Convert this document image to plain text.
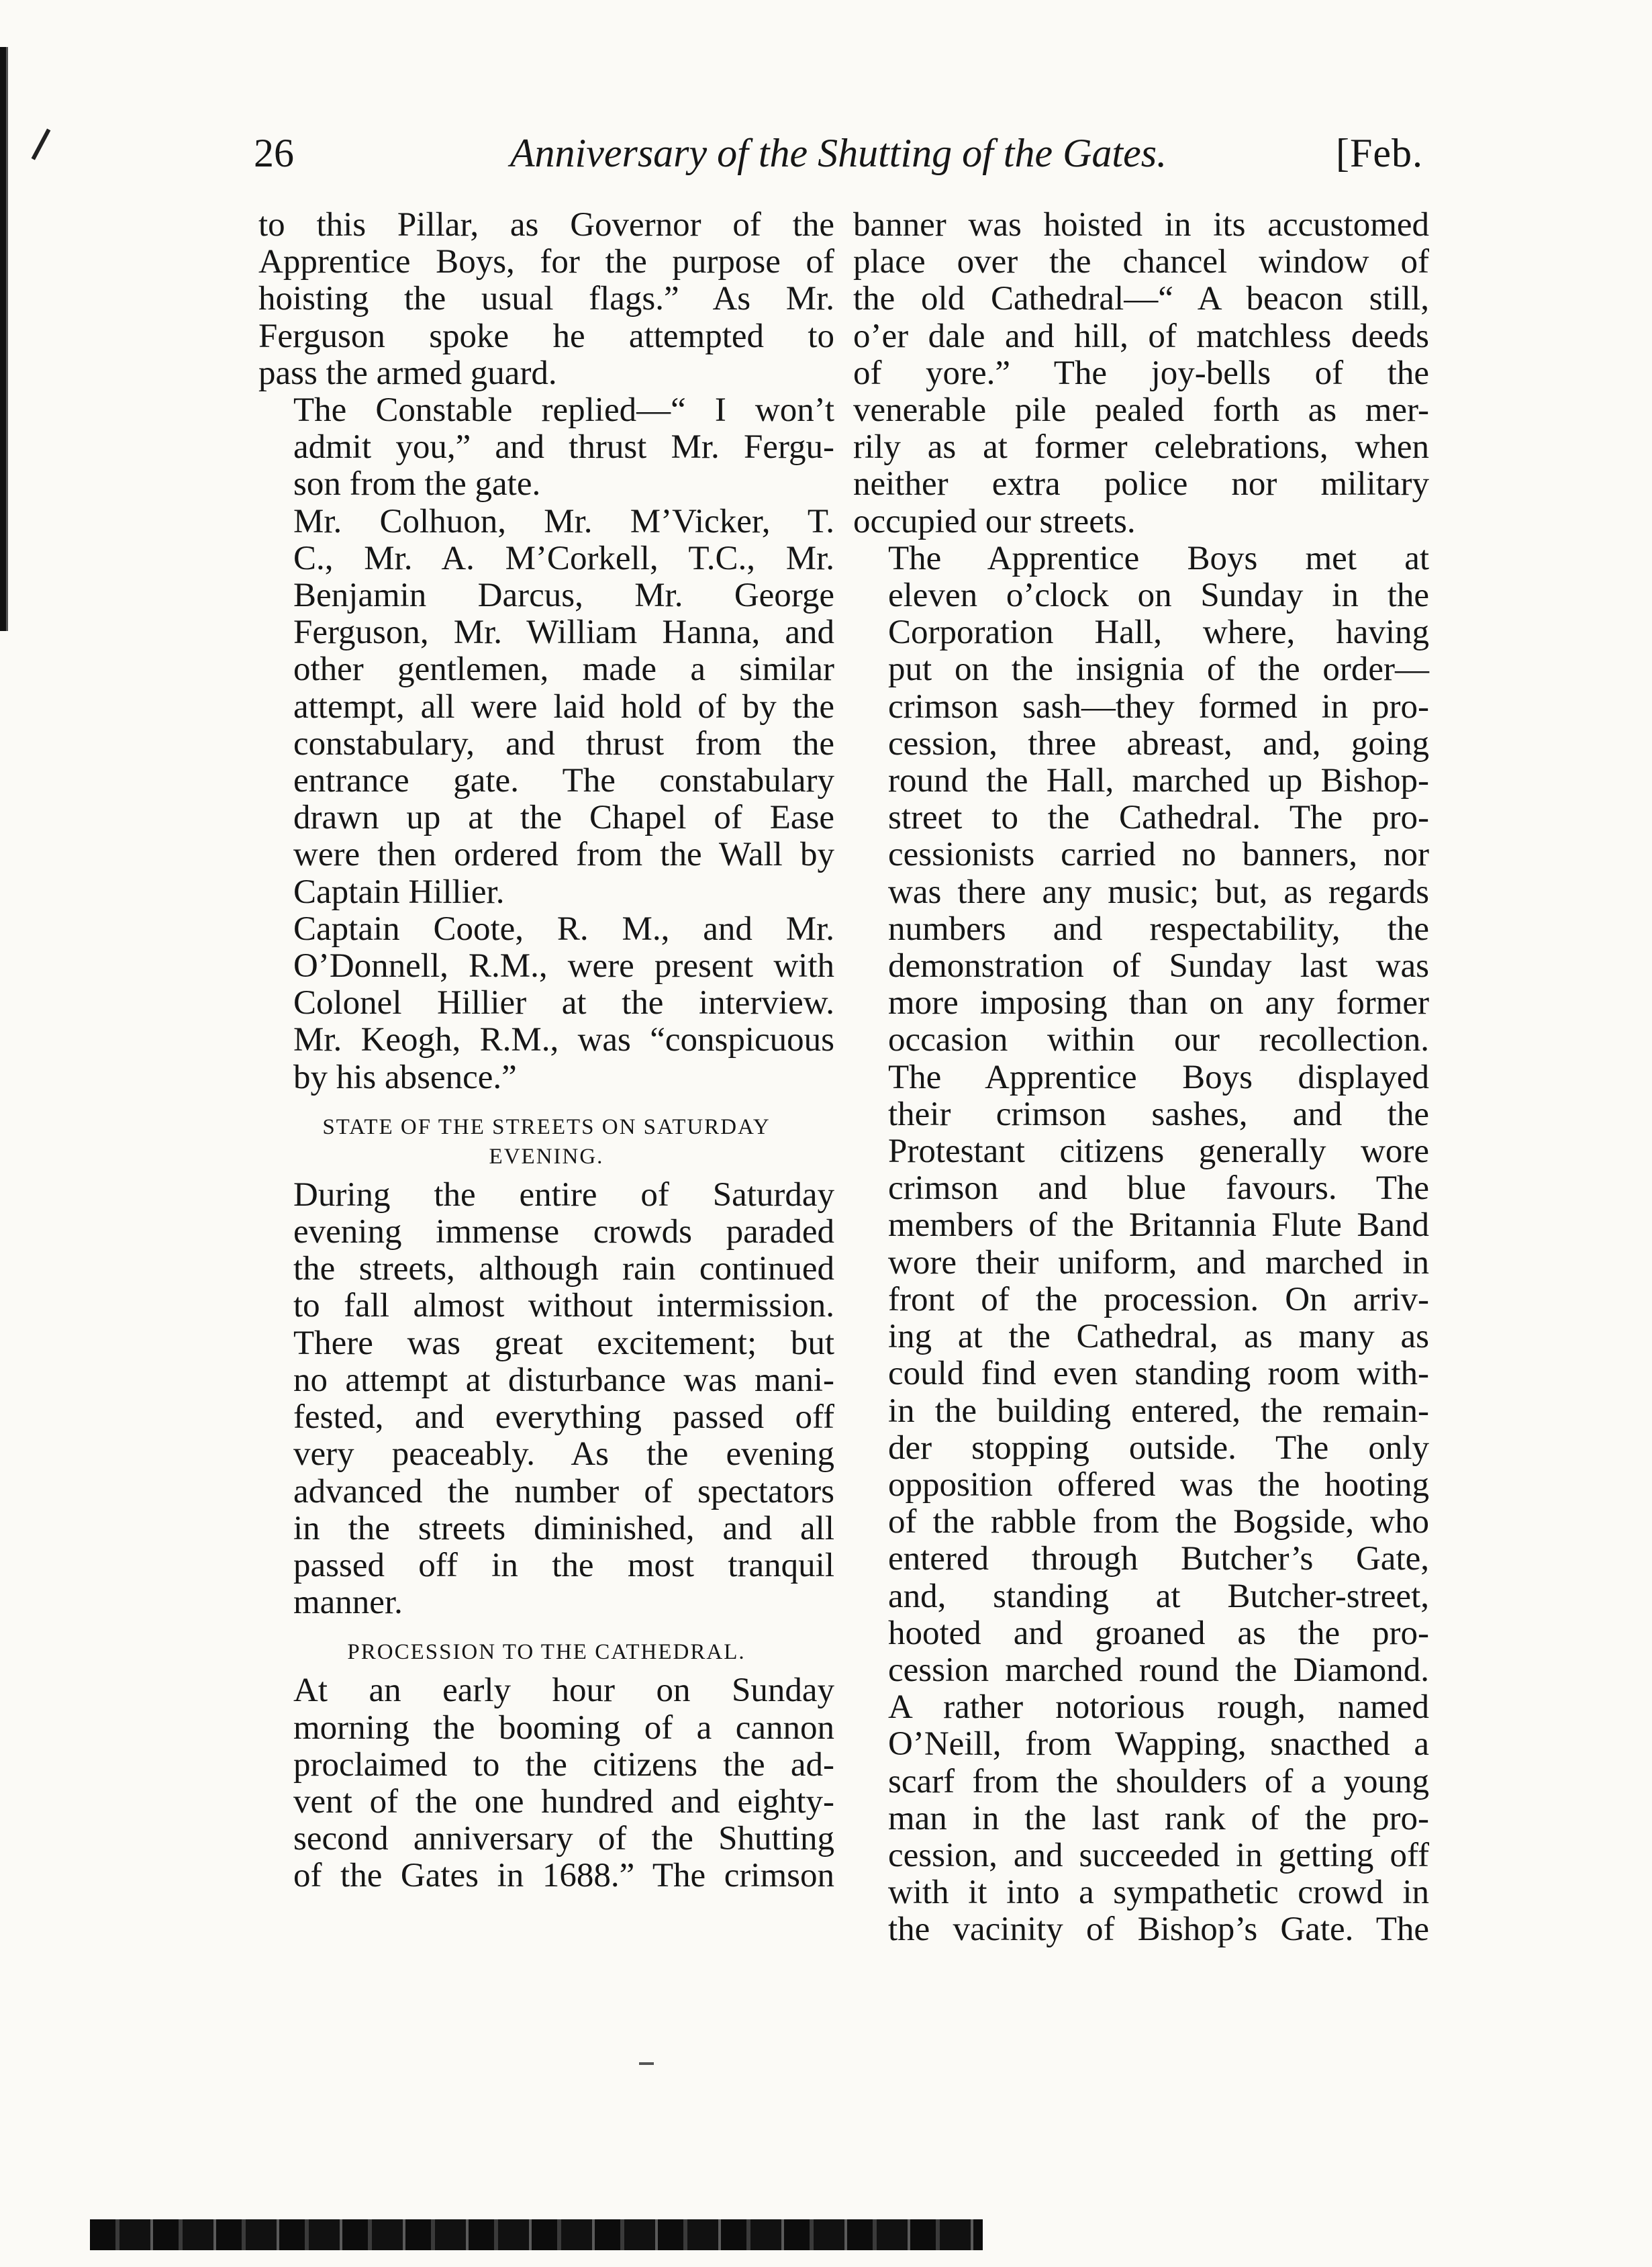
26	Anniversary of the Shutting of the Gates.	[Feb.
to this Pillar, as Governor of the
Apprentice Boys, for the purpose of
hoisting the usual flags.” As Mr.
Ferguson spoke he attempted to
pass the armed guard.
The Constable replied—“ I won’t
admit you,” and thrust Mr. Fergu-
son from the gate.
Mr. Colhuon, Mr. M’Vicker, T.
C., Mr. A. M’Corkell, T.C., Mr.
Benjamin Darcus, Mr. George
Ferguson, Mr. William Hanna, and
other gentlemen, made a similar
attempt, all were laid hold of by the
constabulary, and thrust from the
entrance gate. The constabulary
drawn up at the Chapel of Ease
were then ordered from the Wall by
Captain Hillier.
Captain Coote, R. M., and Mr.
O’Donnell, R.M., were present with
Colonel Hillier at the interview.
Mr. Keogh, R.M., was “conspicuous
by his absence.”
STATE OF THE STREETS ON SATURDAY
EVENING.
During the entire of Saturday
evening immense crowds paraded
the streets, although rain continued
to fall almost without intermission.
There was great excitement; but
no attempt at disturbance was mani-
fested, and everything passed off
very peaceably. As the evening
advanced the number of spectators
in the streets diminished, and all
passed off in the most tranquil
manner.
PROCESSION TO THE CATHEDRAL.
At an early hour on Sunday
morning the booming of a cannon
proclaimed to the citizens the ad-
vent of the one hundred and eighty-
second anniversary of the Shutting
of the Gates in 1688.” The crimson
banner was hoisted in its accustomed
place over the chancel window of
the old Cathedral—“ A beacon still,
o’er dale and hill, of matchless deeds
of yore.” The joy-bells of the
venerable pile pealed forth as mer-
rily as at former celebrations, when
neither extra police nor military
occupied our streets.
The Apprentice Boys met at
eleven o’clock on Sunday in the
Corporation Hall, where, having
put on the insignia of the order—
crimson sash—they formed in pro-
cession, three abreast, and, going
round the Hall, marched up Bishop-
street to the Cathedral. The pro-
cessionists carried no banners, nor
was there any music; but, as regards
numbers and respectability, the
demonstration of Sunday last was
more imposing than on any former
occasion within our recollection.
The Apprentice Boys displayed
their crimson sashes, and the
Protestant citizens generally wore
crimson and blue favours. The
members of the Britannia Flute Band
wore their uniform, and marched in
front of the procession. On arriv-
ing at the Cathedral, as many as
could find even standing room with-
in the building entered, the remain-
der stopping outside. The only
opposition offered was the hooting
of the rabble from the Bogside, who
entered through Butcher’s Gate,
and, standing at Butcher-street,
hooted and groaned as the pro-
cession marched round the Diamond.
A rather notorious rough, named
O’Neill, from Wapping, snacthed a
scarf from the shoulders of a young
man in the last rank of the pro-
cession, and succeeded in getting off
with it into a sympathetic crowd in
the vacinity of Bishop’s Gate. The
